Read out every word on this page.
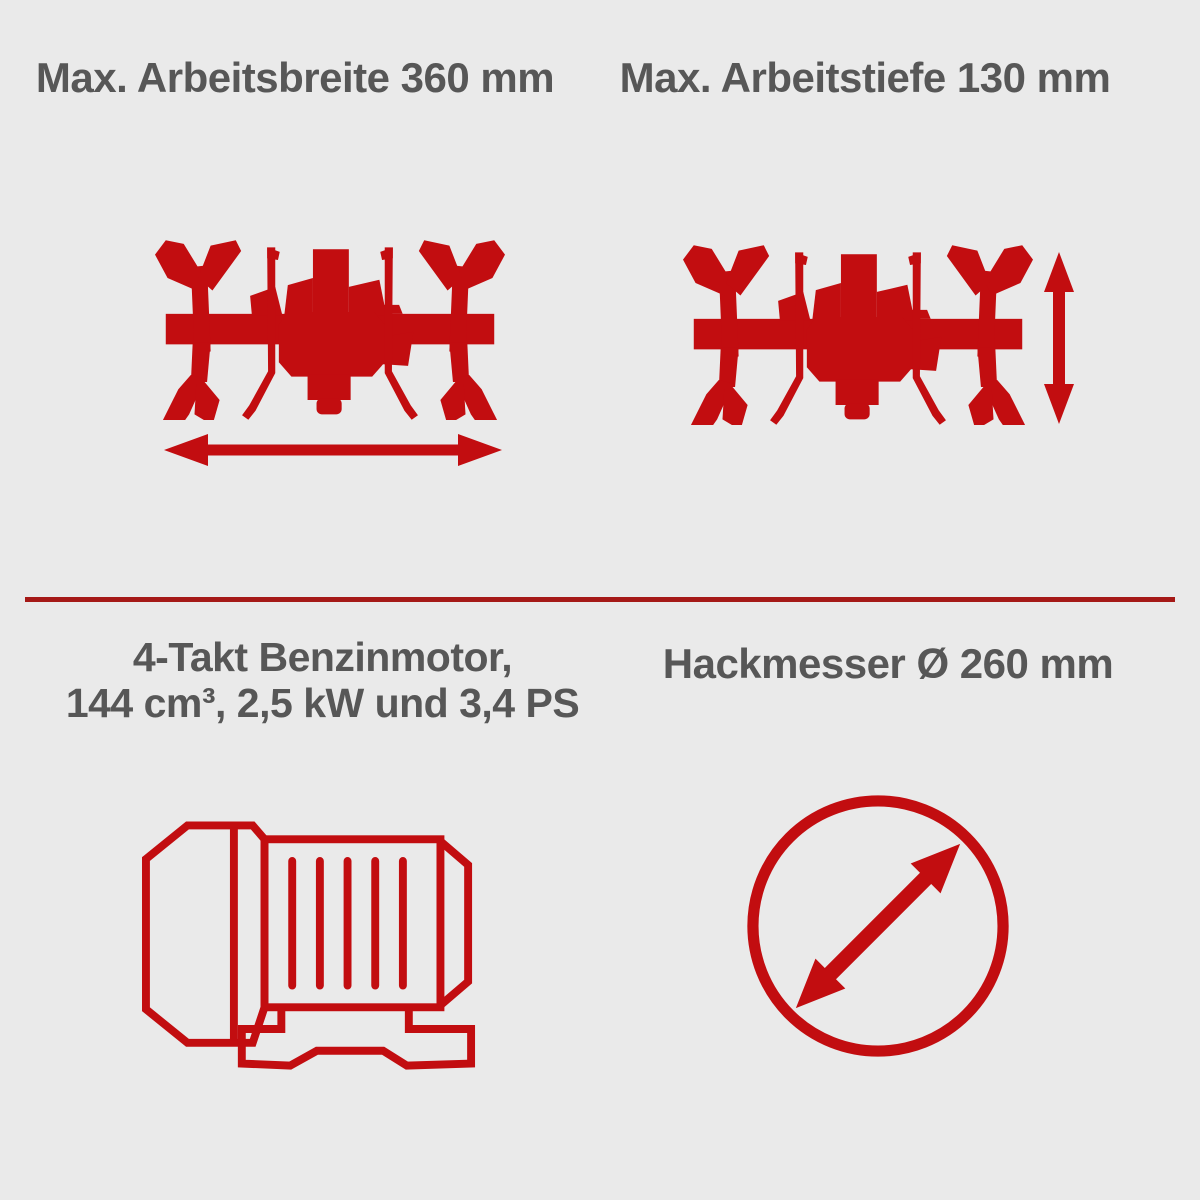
Max. Arbeitsbreite 360 mm	Max. Arbeitstiefe 130 mm
4-Takt Benzinmotor,
144 cm³, 2,5 kW und 3,4 PS
Hackmesser Ø 260 mm
